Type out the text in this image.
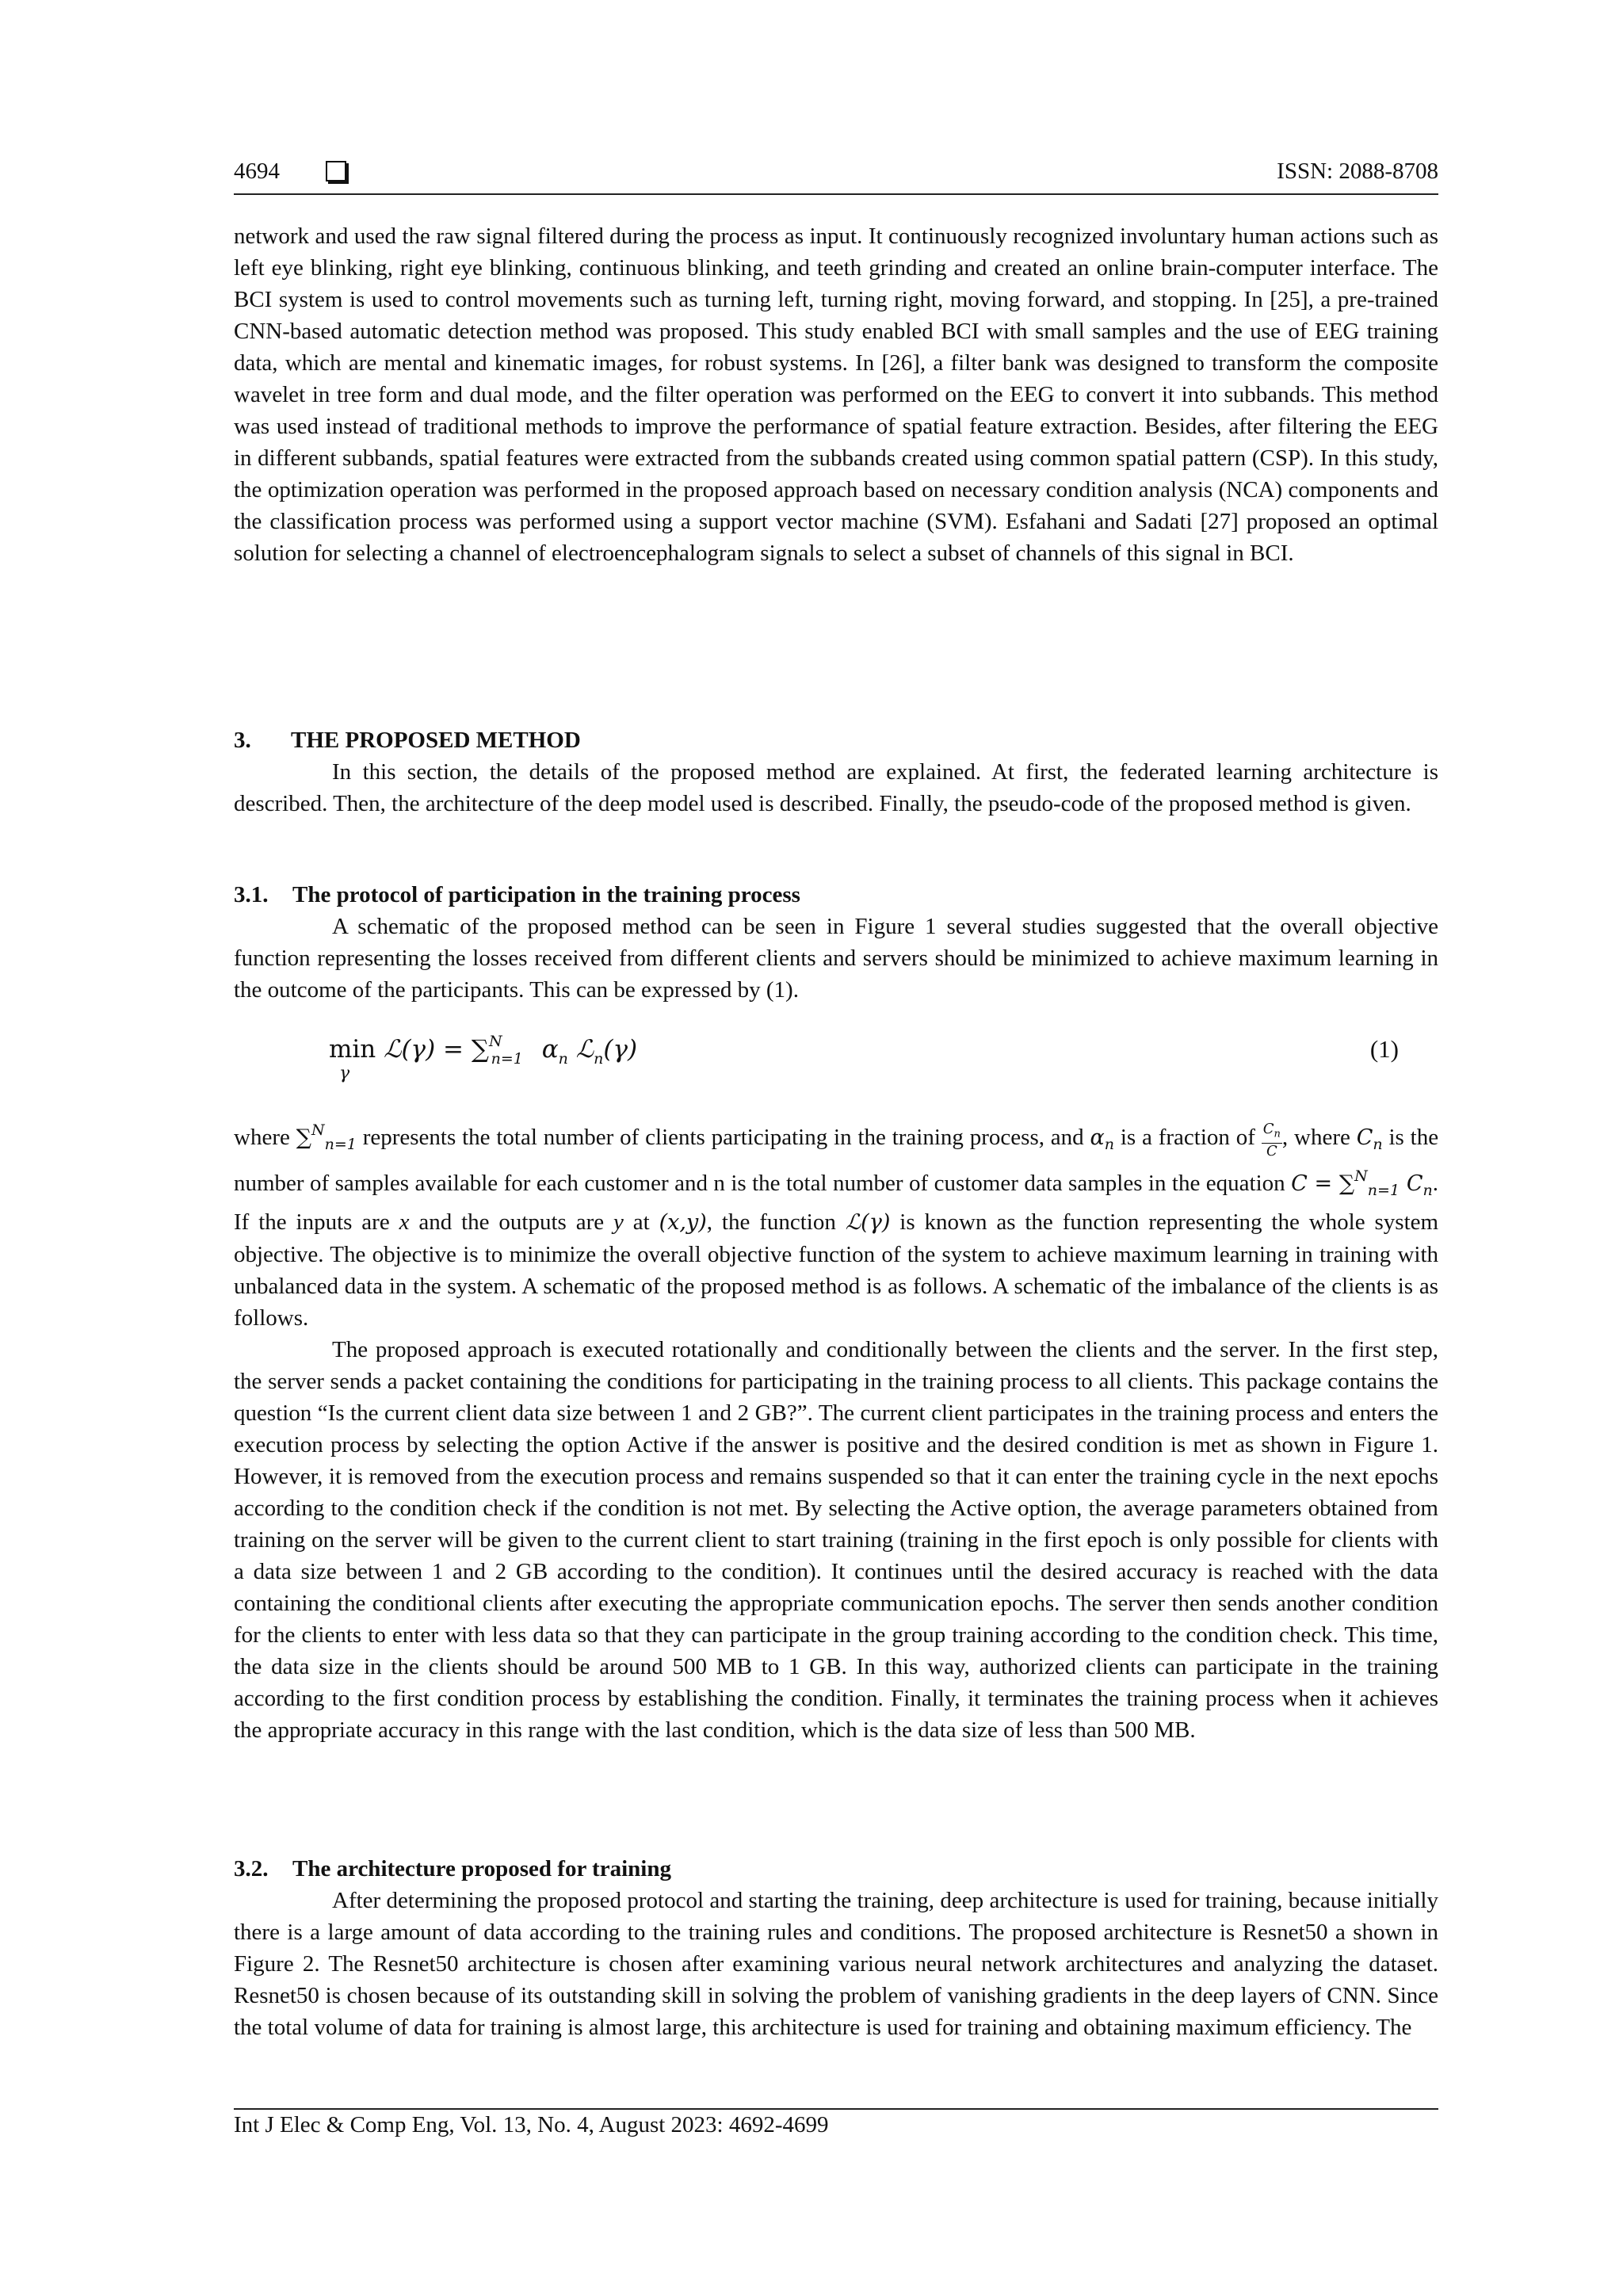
4694	ISSN: 2088-8708

network and used the raw signal filtered during the process as input. It continuously recognized involuntary human actions such as left eye blinking, right eye blinking, continuous blinking, and teeth grinding and created an online brain-computer interface. The BCI system is used to control movements such as turning left, turning right, moving forward, and stopping. In [25], a pre-trained CNN-based automatic detection method was proposed. This study enabled BCI with small samples and the use of EEG training data, which are mental and kinematic images, for robust systems. In [26], a filter bank was designed to transform the composite wavelet in tree form and dual mode, and the filter operation was performed on the EEG to convert it into subbands. This method was used instead of traditional methods to improve the performance of spatial feature extraction. Besides, after filtering the EEG in different subbands, spatial features were extracted from the subbands created using common spatial pattern (CSP). In this study, the optimization operation was performed in the proposed approach based on necessary condition analysis (NCA) components and the classification process was performed using a support vector machine (SVM). Esfahani and Sadati [27] proposed an optimal solution for selecting a channel of electroencephalogram signals to select a subset of channels of this signal in BCI.

3. THE PROPOSED METHOD

In this section, the details of the proposed method are explained. At first, the federated learning architecture is described. Then, the architecture of the deep model used is described. Finally, the pseudo-code of the proposed method is given.

3.1. The protocol of participation in the training process

A schematic of the proposed method can be seen in Figure 1 several studies suggested that the overall objective function representing the losses received from different clients and servers should be minimized to achieve maximum learning in the outcome of the participants. This can be expressed by (1).

min ℒ(γ) = ∑$^N_{n=1}$ $\alpha_n$ ℒ$_n$(γ)
γ
(1)

where ∑$^N_{n=1}$ represents the total number of clients participating in the training process, and $\alpha_n$ is a fraction of $\frac{C_n}{C}$ , where $C_n$ is the number of samples available for each customer and n is the total number of customer data samples in the equation C = ∑$^N_{n=1}$ $C_n$. If the inputs are x and the outputs are y at (x,y), the function ℒ(γ) is known as the function representing the whole system objective. The objective is to minimize the overall objective function of the system to achieve maximum learning in training with unbalanced data in the system. A schematic of the proposed method is as follows. A schematic of the imbalance of the clients is as follows.

The proposed approach is executed rotationally and conditionally between the clients and the server. In the first step, the server sends a packet containing the conditions for participating in the training process to all clients. This package contains the question “Is the current client data size between 1 and 2 GB?”. The current client participates in the training process and enters the execution process by selecting the option Active if the answer is positive and the desired condition is met as shown in Figure 1. However, it is removed from the execution process and remains suspended so that it can enter the training cycle in the next epochs according to the condition check if the condition is not met. By selecting the Active option, the average parameters obtained from training on the server will be given to the current client to start training (training in the first epoch is only possible for clients with a data size between 1 and 2 GB according to the condition). It continues until the desired accuracy is reached with the data containing the conditional clients after executing the appropriate communication epochs. The server then sends another condition for the clients to enter with less data so that they can participate in the group training according to the condition check. This time, the data size in the clients should be around 500 MB to 1 GB. In this way, authorized clients can participate in the training according to the first condition process by establishing the condition. Finally, it terminates the training process when it achieves the appropriate accuracy in this range with the last condition, which is the data size of less than 500 MB.

3.2. The architecture proposed for training

After determining the proposed protocol and starting the training, deep architecture is used for training, because initially there is a large amount of data according to the training rules and conditions. The proposed architecture is Resnet50 a shown in Figure 2. The Resnet50 architecture is chosen after examining various neural network architectures and analyzing the dataset. Resnet50 is chosen because of its outstanding skill in solving the problem of vanishing gradients in the deep layers of CNN. Since the total volume of data for training is almost large, this architecture is used for training and obtaining maximum efficiency. The

Int J Elec & Comp Eng, Vol. 13, No. 4, August 2023: 4692-4699
